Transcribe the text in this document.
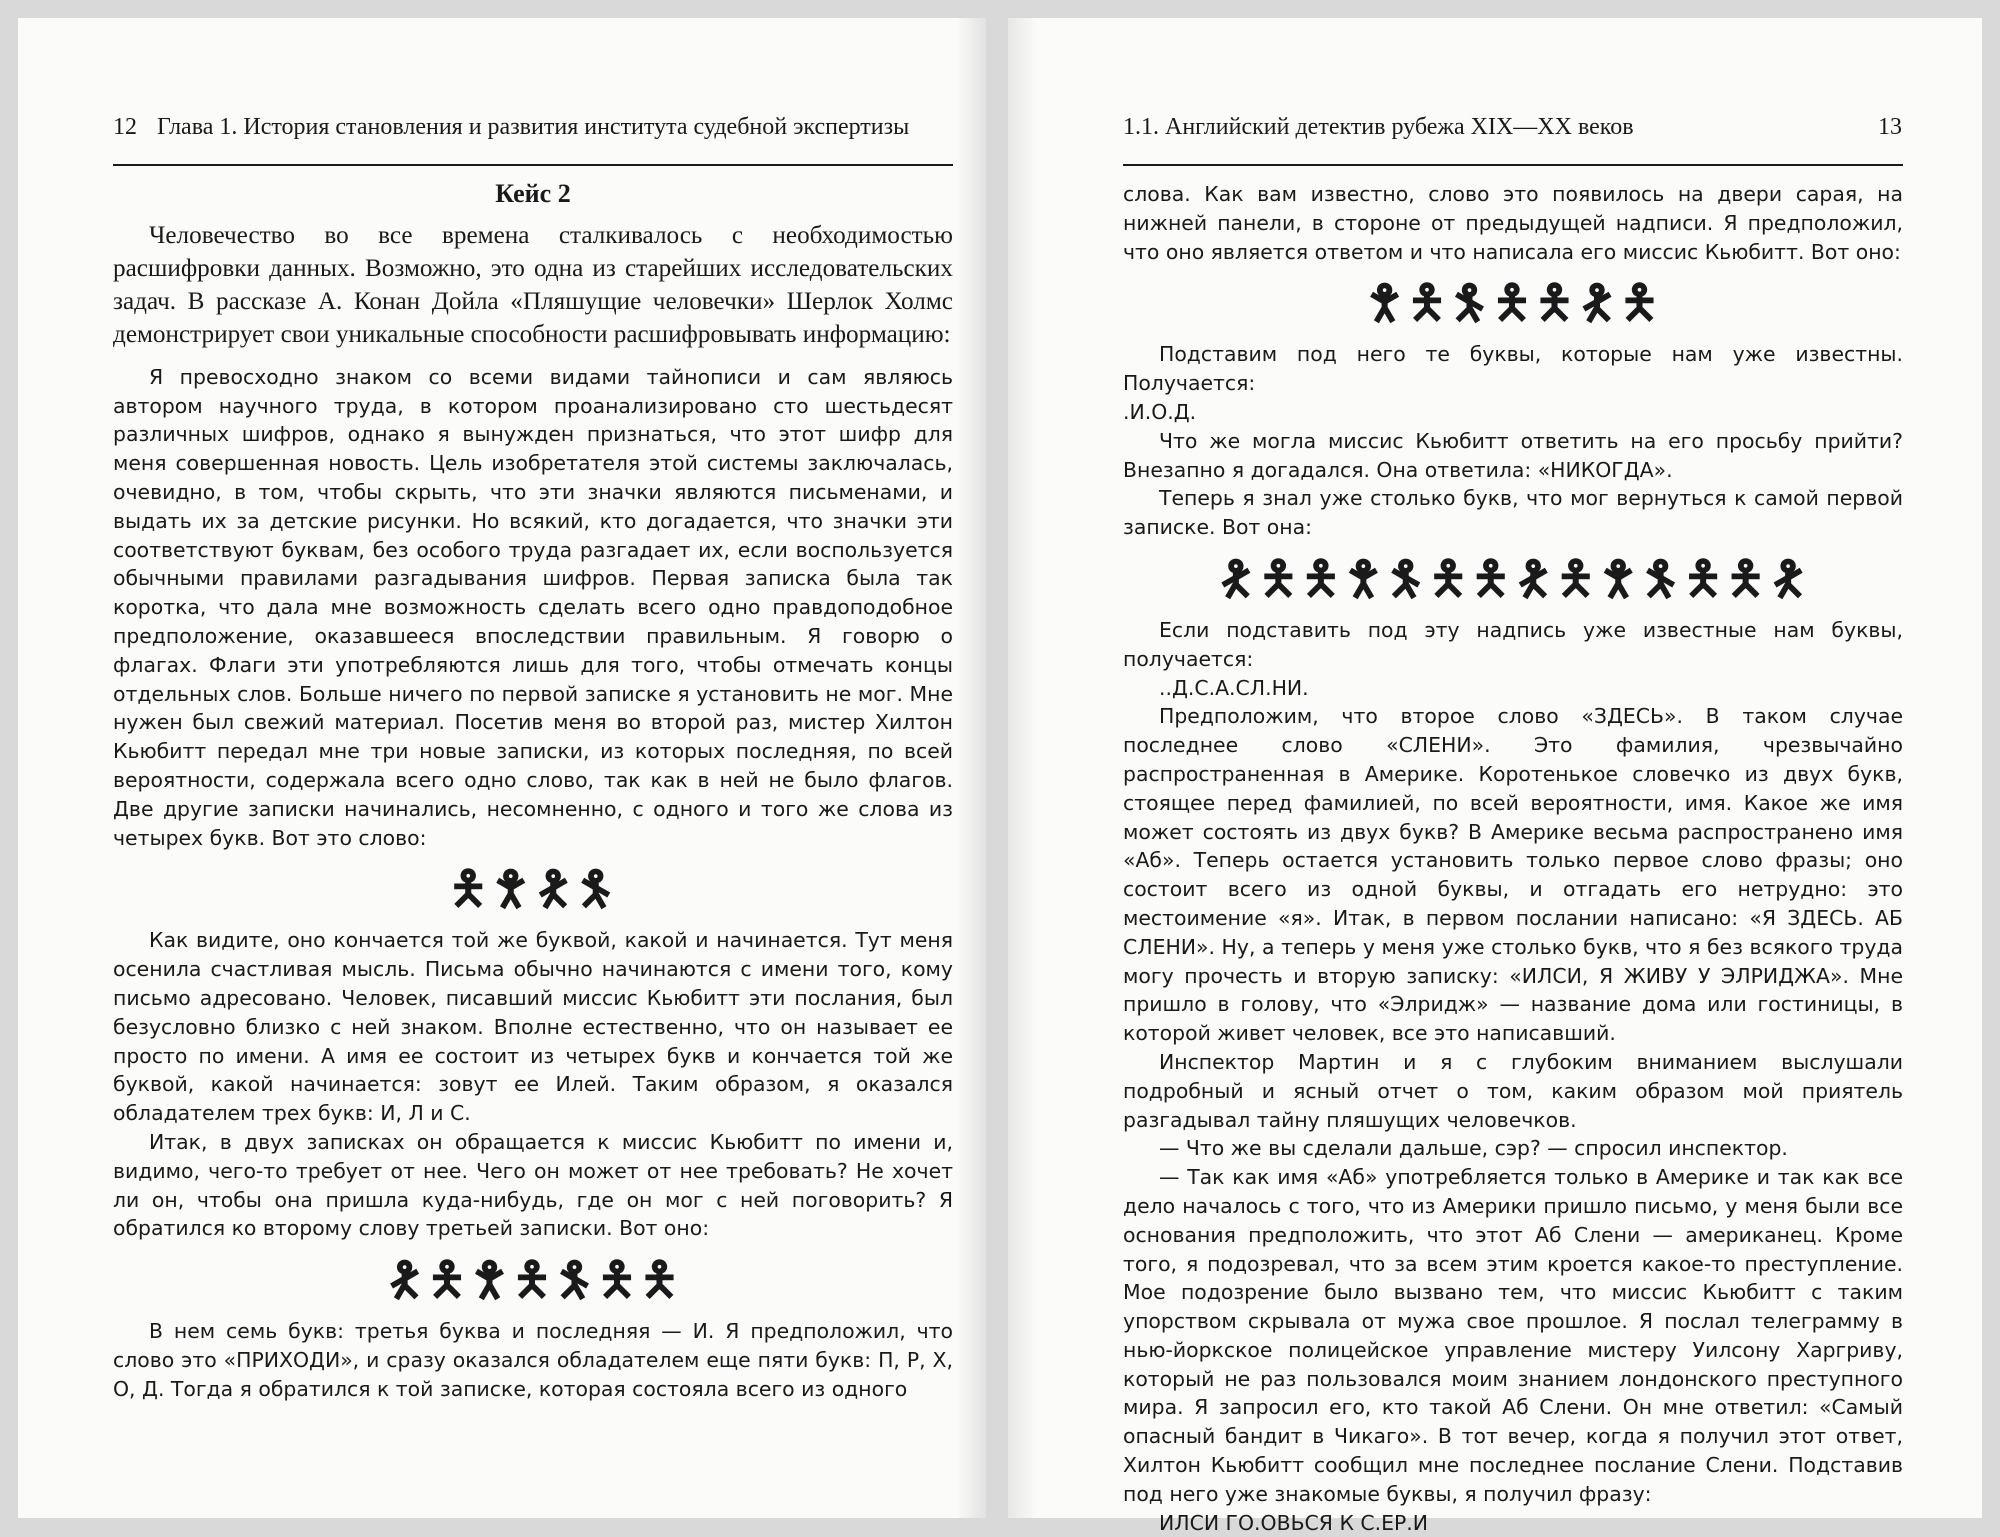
12 Глава 1. История становления и развития института судебной экспертизы
Кейс 2

Человечество во все времена сталкивалось с необходимостью расшифровки данных. Возможно, это одна из старейших исследовательских задач. В рассказе А. Конан Дойла «Пляшущие человечки» Шерлок Холмс демонстрирует свои уникальные способности расшифровывать информацию:

Я превосходно знаком со всеми видами тайнописи и сам являюсь автором научного труда, в котором проанализировано сто шестьдесят различных шифров, однако я вынужден признаться, что этот шифр для меня совершенная новость. Цель изобретателя этой системы заключалась, очевидно, в том, чтобы скрыть, что эти значки являются письменами, и выдать их за детские рисунки. Но всякий, кто догадается, что значки эти соответствуют буквам, без особого труда разгадает их, если воспользуется обычными правилами разгадывания шифров. Первая записка была так коротка, что дала мне возможность сделать всего одно правдоподобное предположение, оказавшееся впоследствии правильным. Я говорю о флагах. Флаги эти употребляются лишь для того, чтобы отмечать концы отдельных слов. Больше ничего по первой записке я установить не мог. Мне нужен был свежий материал. Посетив меня во второй раз, мистер Хилтон Кьюбитт передал мне три новые записки, из которых последняя, по всей вероятности, содержала всего одно слово, так как в ней не было флагов. Две другие записки начинались, несомненно, с одного и того же слова из четырех букв. Вот это слово:

🯅🯆🯇🯈

Как видите, оно кончается той же буквой, какой и начинается. Тут меня осенила счастливая мысль. Письма обычно начинаются с имени того, кому письмо адресовано. Человек, писавший миссис Кьюбитт эти послания, был безусловно близко с ней знаком. Вполне естественно, что он называет ее просто по имени. А имя ее состоит из четырех букв и кончается той же буквой, какой начинается: зовут ее Илей. Таким образом, я оказался обладателем трех букв: И, Л и С.

Итак, в двух записках он обращается к миссис Кьюбитт по имени и, видимо, чего-то требует от нее. Чего он может от нее требовать? Не хочет ли он, чтобы она пришла куда-нибудь, где он мог с ней поговорить? Я обратился ко второму слову третьей записки. Вот оно:

🯇🯅🯆🯅🯈🯅🯅

В нем семь букв: третья буква и последняя — И. Я предположил, что слово это «ПРИХОДИ», и сразу оказался обладателем еще пяти букв: П, Р, Х, О, Д. Тогда я обратился к той записке, которая состояла всего из одного

1.1. Английский детектив рубежа XIX—XX веков	13

слова. Как вам известно, слово это появилось на двери сарая, на нижней панели, в стороне от предыдущей надписи. Я предположил, что оно является ответом и что написала его миссис Кьюбитт. Вот оно:

🯆🯅🯈🯅🯅🯇🯅

Подставим под него те буквы, которые нам уже известны. Получается:

.И.О.Д.

Что же могла миссис Кьюбитт ответить на его просьбу прийти? Внезапно я догадался. Она ответила: «НИКОГДА».

Теперь я знал уже столько букв, что мог вернуться к самой первой записке. Вот она:

🯇🯅🯅🯆🯈🯅🯅🯇🯅🯆🯈🯅🯅🯇

Если подставить под эту надпись уже известные нам буквы, получается:

..Д.С.А.СЛ.НИ.

Предположим, что второе слово «ЗДЕСЬ». В таком случае последнее слово «СЛЕНИ». Это фамилия, чрезвычайно распространенная в Америке. Коротенькое словечко из двух букв, стоящее перед фамилией, по всей вероятности, имя. Какое же имя может состоять из двух букв? В Америке весьма распространено имя «Аб». Теперь остается установить только первое слово фразы; оно состоит всего из одной буквы, и отгадать его нетрудно: это местоимение «я». Итак, в первом послании написано: «Я ЗДЕСЬ. АБ СЛЕНИ». Ну, а теперь у меня уже столько букв, что я без всякого труда могу прочесть и вторую записку: «ИЛСИ, Я ЖИВУ У ЭЛРИДЖА». Мне пришло в голову, что «Элридж» — название дома или гостиницы, в которой живет человек, все это написавший.

Инспектор Мартин и я с глубоким вниманием выслушали подробный и ясный отчет о том, каким образом мой приятель разгадывал тайну пляшущих человечков.

— Что же вы сделали дальше, сэр? — спросил инспектор.

— Так как имя «Аб» употребляется только в Америке и так как все дело началось с того, что из Америки пришло письмо, у меня были все основания предположить, что этот Аб Слени — американец. Кроме того, я подозревал, что за всем этим кроется какое-то преступление. Мое подозрение было вызвано тем, что миссис Кьюбитт с таким упорством скрывала от мужа свое прошлое. Я послал телеграмму в нью-йоркское полицейское управление мистеру Уилсону Харгриву, который не раз пользовался моим знанием лондонского преступного мира. Я запросил его, кто такой Аб Слени. Он мне ответил: «Самый опасный бандит в Чикаго». В тот вечер, когда я получил этот ответ, Хилтон Кьюбитт сообщил мне последнее послание Слени. Подставив под него уже знакомые буквы, я получил фразу:

ИЛСИ ГО.ОВЬСЯ К С.ЕР.И
